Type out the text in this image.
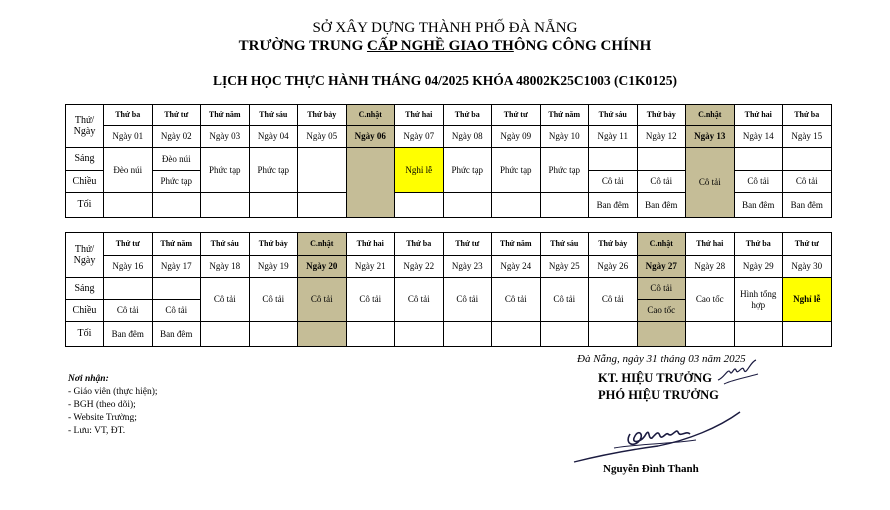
SỞ XÂY DỰNG THÀNH PHỐ ĐÀ NẴNG
TRƯỜNG TRUNG CẤP NGHỀ GIAO THÔNG CÔNG CHÍNH
LỊCH HỌC THỰC HÀNH THÁNG 04/2025 KHÓA 48002K25C1003 (C1K0125)
Thứ/ Ngày	Thứ ba	Thứ tư	Thứ năm	Thứ sáu	Thứ bảy	C.nhật	Thứ hai	Thứ ba	Thứ tư	Thứ năm	Thứ sáu	Thứ bảy	C.nhật	Thứ hai	Thứ ba
	Ngày 01	Ngày 02	Ngày 03	Ngày 04	Ngày 05	Ngày 06	Ngày 07	Ngày 08	Ngày 09	Ngày 10	Ngày 11	Ngày 12	Ngày 13	Ngày 14	Ngày 15
Sáng	Đèo núi	Đèo núi	Phức tạp	Phức tạp			Nghỉ lễ	Phức tạp	Phức tạp	Phức tạp			Cô tải		
Chiều		Phức tạp									Cô tải	Cô tải		Cô tải	Cô tải
Tối											Ban đêm	Ban đêm		Ban đêm	Ban đêm
Thứ/ Ngày	Thứ tư	Thứ năm	Thứ sáu	Thứ bảy	C.nhật	Thứ hai	Thứ ba	Thứ tư	Thứ năm	Thứ sáu	Thứ bảy	C.nhật	Thứ hai	Thứ ba	Thứ tư
	Ngày 16	Ngày 17	Ngày 18	Ngày 19	Ngày 20	Ngày 21	Ngày 22	Ngày 23	Ngày 24	Ngày 25	Ngày 26	Ngày 27	Ngày 28	Ngày 29	Ngày 30
Sáng			Cô tải	Cô tải	Cô tải	Cô tải	Cô tải	Cô tải	Cô tải	Cô tải	Cô tải	Cô tải	Cao tốc	Hình tổng hợp	Nghỉ lễ
Chiều	Cô tải	Cô tải										Cao tốc			
Tối	Ban đêm	Ban đêm													
Đà Nẵng, ngày 31 tháng 03 năm 2025
KT. HIỆU TRƯỞNG
PHÓ HIỆU TRƯỞNG
Nguyễn Đình Thanh
Nơi nhận:
- Giáo viên (thực hiện);
- BGH (theo dõi);
- Website Trường;
- Lưu: VT, ĐT.
